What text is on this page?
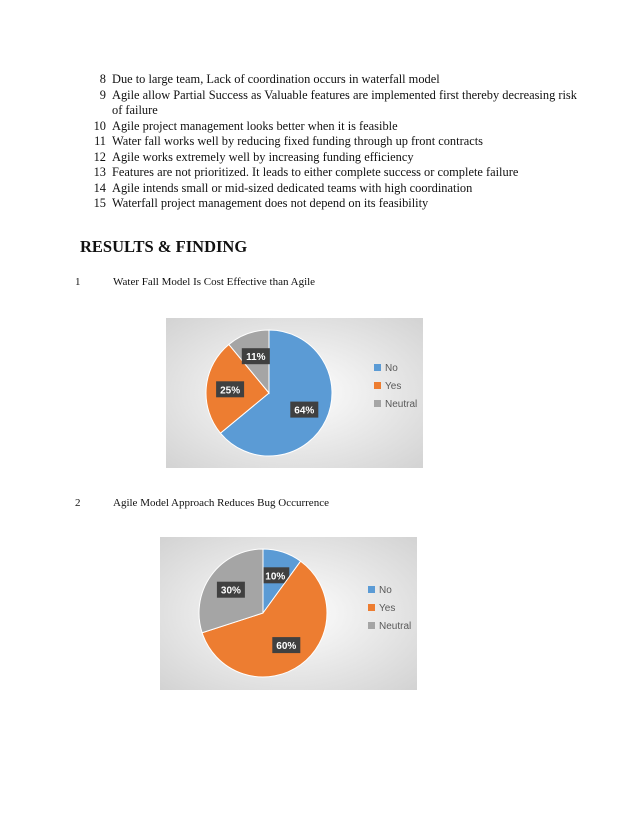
8 Due to large team, Lack of coordination occurs in waterfall model
9 Agile allow Partial Success as Valuable features are implemented first thereby decreasing risk of failure
10 Agile project management looks better when it is feasible
11 Water fall works well by reducing fixed funding through up front contracts
12 Agile works extremely well by increasing funding efficiency
13 Features are not prioritized. It leads to either complete success or complete failure
14 Agile intends small or mid-sized dedicated teams with high coordination
15 Waterfall project management does not depend on its feasibility
RESULTS & FINDING
1	Water Fall Model Is Cost Effective than Agile
64%
25%
11%
No
Yes
Neutral
2	Agile Model Approach Reduces Bug Occurrence
10%
60%
30%	No
Yes
Neutral
